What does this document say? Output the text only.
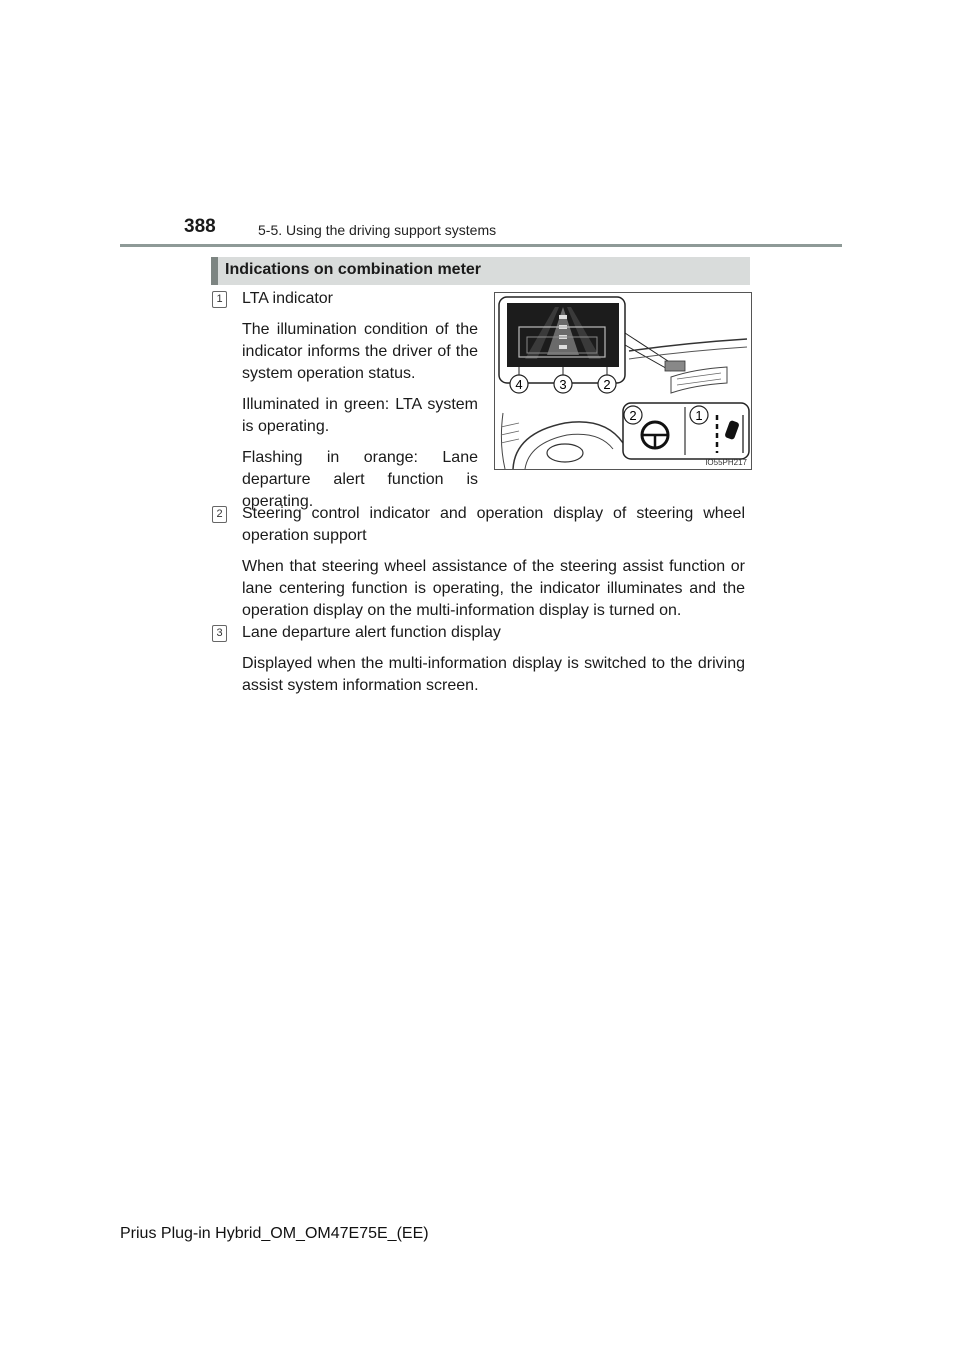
388	5-5. Using the driving support systems
Indications on combination meter
1 LTA indicator

The illumination condition of the indicator informs the driver of the system operation status.

Illuminated in green: LTA system is operating.

Flashing in orange: Lane departure alert function is operating.

4	3	2
2	1
IO55PH217
2 Steering control indicator and operation display of steering wheel operation support

When that steering wheel assistance of the steering assist function or lane centering function is operating, the indicator illuminates and the operation display on the multi-information display is turned on.

3 Lane departure alert function display

Displayed when the multi-information display is switched to the driving assist system information screen.

Prius Plug-in Hybrid_OM_OM47E75E_(EE)
